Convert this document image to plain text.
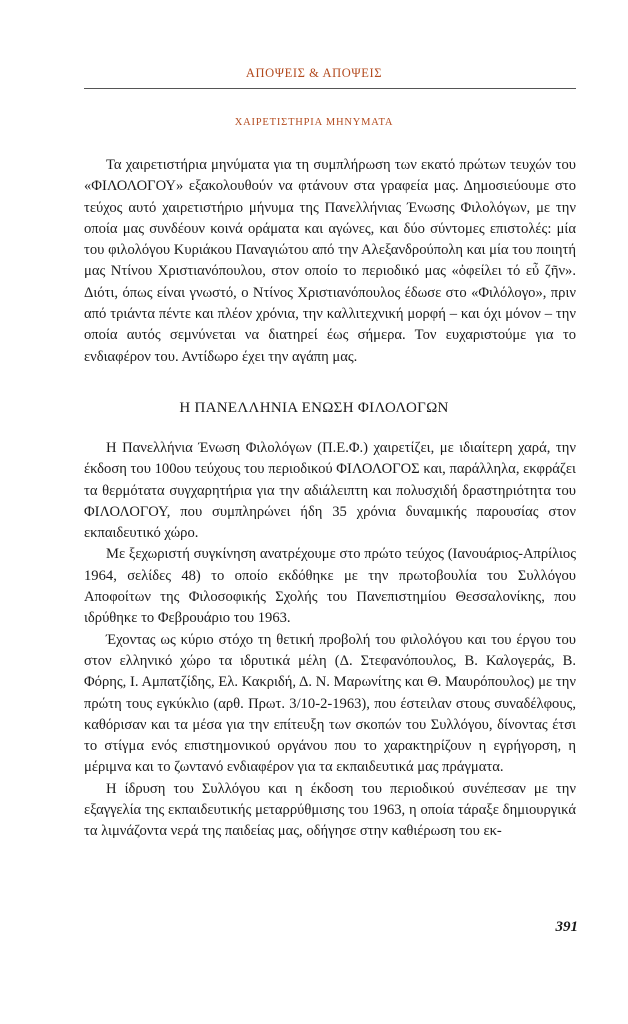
ΑΠΟΨΕΙΣ & ΑΠΟΨΕΙΣ
ΧΑΙΡΕΤΙΣΤΗΡΙΑ ΜΗΝΥΜΑΤΑ

Τα χαιρετιστήρια μηνύματα για τη συμπλήρωση των εκατό πρώτων τευχών του «ΦΙΛΟΛΟΓΟΥ» εξακολουθούν να φτάνουν στα γραφεία μας. Δημοσιεύουμε στο τεύχος αυτό χαιρετιστήριο μήνυμα της Πανελλήνιας Ένωσης Φιλολόγων, με την οποία μας συνδέουν κοινά οράματα και αγώνες, και δύο σύντομες επιστολές: μία του φιλολόγου Κυριάκου Παναγιώτου από την Αλεξανδρούπολη και μία του ποιητή μας Ντίνου Χριστιανόπουλου, στον οποίο το περιοδικό μας «ὀφείλει τό εὖ ζῆν». Διότι, όπως είναι γνωστό, ο Ντίνος Χριστιανόπουλος έδωσε στο «Φιλόλογο», πριν από τριάντα πέντε και πλέον χρόνια, την καλλιτεχνική μορφή – και όχι μόνον – την οποία αυτός σεμνύνεται να διατηρεί έως σήμερα. Τον ευχαριστούμε για το ενδιαφέρον του. Αντίδωρο έχει την αγάπη μας.

Η ΠΑΝΕΛΛΗΝΙΑ ΕΝΩΣΗ ΦΙΛΟΛΟΓΩΝ

Η Πανελλήνια Ένωση Φιλολόγων (Π.Ε.Φ.) χαιρετίζει, με ιδιαίτερη χαρά, την έκδοση του 100ου τεύχους του περιοδικού ΦΙΛΟΛΟΓΟΣ και, παράλληλα, εκφράζει τα θερμότατα συγχαρητήρια για την αδιάλειπτη και πολυσχιδή δραστηριότητα του ΦΙΛΟΛΟΓΟΥ, που συμπληρώνει ήδη 35 χρόνια δυναμικής παρουσίας στον εκπαιδευτικό χώρο.

Με ξεχωριστή συγκίνηση ανατρέχουμε στο πρώτο τεύχος (Ιανουάριος-Απρίλιος 1964, σελίδες 48) το οποίο εκδόθηκε με την πρωτοβουλία του Συλλόγου Αποφοίτων της Φιλοσοφικής Σχολής του Πανεπιστημίου Θεσσαλονίκης, που ιδρύθηκε το Φεβρουάριο του 1963.

Έχοντας ως κύριο στόχο τη θετική προβολή του φιλολόγου και του έργου του στον ελληνικό χώρο τα ιδρυτικά μέλη (Δ. Στεφανόπουλος, Β. Καλογεράς, Β. Φόρης, Ι. Αμπατζίδης, Ελ. Κακριδή, Δ. Ν. Μαρωνίτης και Θ. Μαυρόπουλος) με την πρώτη τους εγκύκλιο (αρθ. Πρωτ. 3/10-2-1963), που έστειλαν στους συναδέλφους, καθόρισαν και τα μέσα για την επίτευξη των σκοπών του Συλλόγου, δίνοντας έτσι το στίγμα ενός επιστημονικού οργάνου που το χαρακτηρίζουν η εγρήγορση, η μέριμνα και το ζωντανό ενδιαφέρον για τα εκπαιδευτικά μας πράγματα.

Η ίδρυση του Συλλόγου και η έκδοση του περιοδικού συνέπεσαν με την εξαγγελία της εκπαιδευτικής μεταρρύθμισης του 1963, η οποία τάραξε δημιουργικά τα λιμνάζοντα νερά της παιδείας μας, οδήγησε στην καθιέρωση του εκ-

391
